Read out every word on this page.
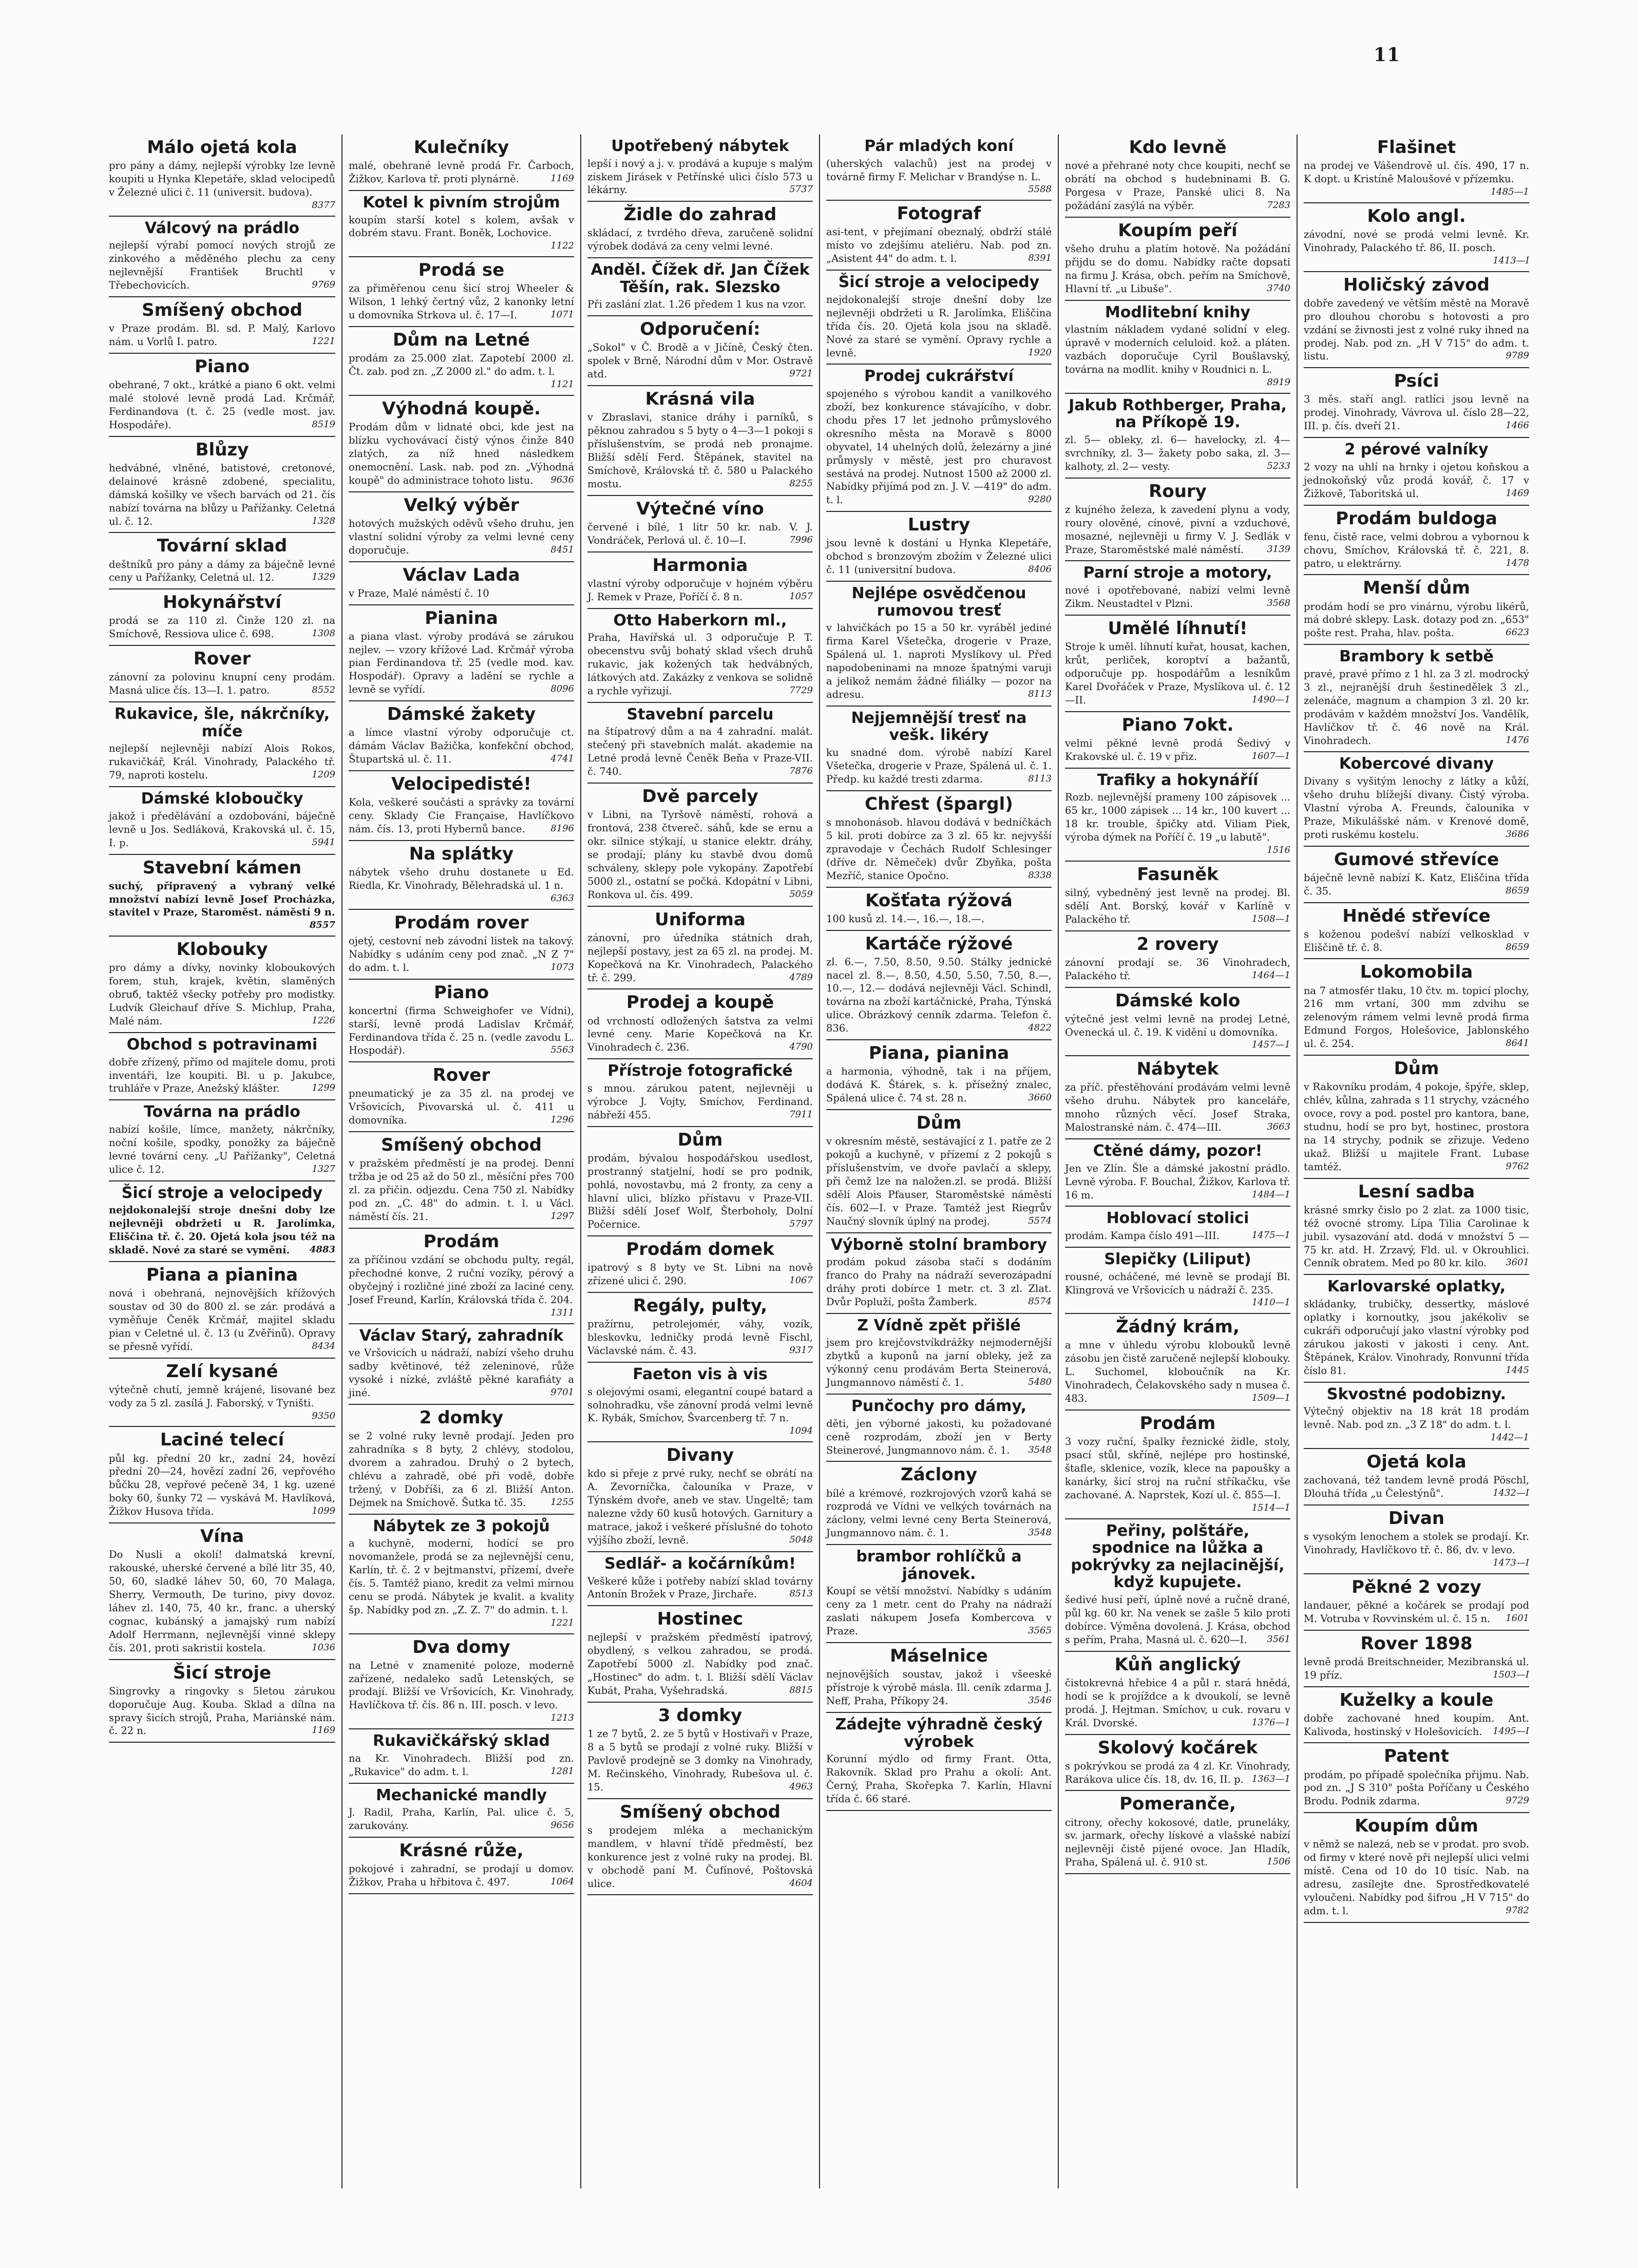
11
Málo ojetá kola
pro pány a dámy, nejlepší výrobky lze levně koupiti u Hynka Klepetáře, sklad velocipedů v Železné ulici č. 11 (universit. budova).
8377
Válcový na prádlo
nejlepší výrabí pomocí nových strojů ze zinkového a měděného plechu za ceny nejlevnější František Bruchtl v Třebechovicích.	9769
Smíšený obchod
v Praze prodám. Bl. sd. P. Malý, Karlovo nám. u Vorlů I. patro.	1221
Piano
obehrané, 7 okt., krátké a piano 6 okt. velmi malé stolové levně prodá Lad. Krčmář, Ferdinandova (t. č. 25 (vedle most. jav. Hospodáře).	8519
Blůzy
hedvábné, vlněné, batistové, cretonové, delainové krásně zdobené, specialitu, dámská košilky ve všech barvách od 21. čís nabízí továrna na blůzy u Pařížanky. Celetná ul. č. 12.	1328
Tovární sklad
deštníků pro pány a dámy za báječně levné ceny u Pařížanky, Celetná ul. 12.	1329
Hokynářství
prodá se za 110 zl. Činže 120 zl. na Smíchově, Ressiova ulice č. 698.	1308
Rover
zánovní za polovinu knupní ceny prodám. Masná ulice čís. 13—I. 1. patro.	8552
Rukavice, šle, nákrčníky, míče
nejlepší nejlevněji nabízí Alois Rokos, rukavičkář, Král. Vinohrady, Palackého tř. 79, naproti kostelu.	1209
Dámské kloboučky
jakož i předělávání a ozdobování, báječně levně u Jos. Sedláková, Krakovská ul. č. 15, I. p.	5941
Stavební kámen
suchý, připravený a vybraný velké množství nabízí levně Josef Procházka, stavitel v Praze, Staroměst. náměstí 9 n.
8557
Klobouky
pro dámy a dívky, novinky kloboukových forem, stuh, krajek, květin, slaměných obruб, taktéž všecky potřeby pro modistky. Ludvík Gleichauf dříve S. Michlup, Praha, Malé nám.	1226
Obchod s potravinami
dobře zřízený, přímo od majitele domu, proti inventáři, lze koupiti. Bl. u p. Jakubce, truhláře v Praze, Anežský klášter.	1299
Továrna na prádlo
nabízí košile, límce, manžety, nákrčníky, noční košile, spodky, ponožky za báječně levné tovární ceny. „U Pařížanky", Celetná ulice č. 12.	1327
Šicí stroje a velocipedy
nejdokonalejší stroje dnešní doby lze nejlevněji obdržeti u R. Jarolímka, Eliščina tř. č. 20. Ojetá kola jsou též na skladě. Nové za staré se vymění. 4883
Piana a pianina
nová i obehraná, nejnovějších křížových soustav od 30 do 800 zl. se zár. prodává a vyměňuje Čeněk Krčmář, majitel skladu pian v Celetné ul. č. 13 (u Zvěřinů). Opravy se přesně vyřídí.	8434
Zelí kysané
výtečně chutí, jemně krájené, lisované bez vody za 5 zl. zasílá J. Faborský, v Tyništi.
9350
Laciné telecí
půl kg. přední 20 kr., zadní 24, hovězí přední 20—24, hovězí zadní 26, vepřového bůčku 28, vepřové pečeně 34, 1 kg. uzené boky 60, šunky 72 — vyskává M. Havlíková, Žižkov Husova třída.	1099
Vína
Do Nusli a okolí! dalmatská krevní, rakouské, uherské červené a bílé litr 35, 40, 50, 60, sladké láhev 50, 60, 70 Malaga, Sherry, Vermouth, De turino, pivy dovoz. láhev zl. 140, 75, 40 kr., franc. a uherský cognac, kubánský a jamajský rum nabízí Adolf Herrmann, nejlevnější vinné sklepy čís. 201, proti sakristii kostela.	1036
Šicí stroje
Singrovky a ringovky s 5letou zárukou doporučuje Aug. Kouba. Sklad a dílna na spravy šicích strojů, Praha, Mariánské nám. č. 22 n.	1169
Kulečníky
malé, obehrané levně prodá Fr. Čarboch, Žižkov, Karlova tř. proti plynárně.	1169
Kotel k pivním strojům
koupím starší kotel s kolem, avšak v dobrém stavu. Frant. Boněk, Lochovice.
1122
Prodá se
za přiměřenou cenu šicí stroj Wheeler & Wilson, 1 lehký čertný vůz, 2 kanonky letní u domovníka Strkova ul. č. 17—I.	1071
Dům na Letné
prodám za 25.000 zlat. Zapotebí 2000 zl. Čt. zab. pod zn. „Z 2000 zl." do adm. t. l.
1121
Výhodná koupě.
Prodám dům v lidnaté obci, kde jest na blízku vychovávací čistý výnos činže 840 zlatých, za níž hned následkem onemocnění. Lask. nab. pod zn. „Výhodná koupě" do administrace tohoto listu. 9636
Velký výběr
hotových mužských oděvů všeho druhu, jen vlastní solidní výroby za velmi levné ceny doporučuje.	8451
Václav Lada
v Praze, Malé náměstí č. 10
Pianina
a piana vlast. výroby prodává se zárukou nejlev. — vzory křížové Lad. Krčmář výroba pian Ferdinandova tř. 25 (vedle mod. kav. Hospodář). Opravy a ladění se rychle a levně se vyřídí.	8096
Dámské žakety
a límce vlastní výroby odporučuje ct. dámám Václav Bažička, konfekční obchod, Štupartská ul. č. 11.	4741
Velocipedisté!
Kola, veškeré součásti a správky za tovární ceny. Sklady Cie Française, Havlíčkovo nám. čís. 13, proti Hybernů bance.	8196
Na splátky
nábytek všeho druhu dostanete u Ed. Riedla, Kr. Vinohrady, Bělehradská ul. 1 n.
6363
Prodám rover
ojetý, cestovní neb závodní listek na takový. Nabídky s udáním ceny pod znač. „N Z 7" do adm. t. l.	1073
Piano
koncertní (firma Schweighofer ve Vídni), starší, levně prodá Ladislav Krčmář, Ferdinandova třída č. 25 n. (vedle zavodu L. Hospodář).	5563
Rover
pneumatický je za 35 zl. na prodej ve Vršovicích, Pivovarská ul. č. 411 u domovníka.	1296
Smíšený obchod
v pražském předměstí je na prodej. Denní tržba je od 25 až do 50 zl., měsíční přes 700 zl. za přičin. odjezdu. Cena 750 zl. Nabídky pod zn. „C. 48" do admin. t. l. u Václ. náměstí čís. 21.	1297
Prodám
za příčinou vzdání se obchodu pulty, regál, přechodné konve, 2 ruční vozíky, pérový a obyčejný i rozličné jiné zboží za laciné ceny. Josef Freund, Karlín, Královská třída č. 204.
1311
Václav Starý, zahradník
ve Vršovicích u nádraží, nabízí všeho druhu sadby květinové, též zeleninové, růže vysoké i nízké, zvláště pěkné karafiáty a jiné.	9701
2 domky
se 2 volné ruky levně prodají. Jeden pro zahradníka s 8 byty, 2 chlévy, stodolou, dvorem a zahradou. Druhý o 2 bytech, chlévu a zahradě, obé při vodě, dobře tržený, v Dobříši, za 6 zl. Bližší Anton. Dejmek na Smíchově. Šutka tč. 35.	1255
Nábytek ze 3 pokojů
a kuchyně, moderní, hodící se pro novomanžele, prodá se za nejlevnější cenu, Karlín, tř. č. 2 v bejtmanství, přízemí, dveře čís. 5. Tamtéž piano, kredit za velmi mírnou cenu se prodá. Nábytek je kvalit. a kvality šp. Nabídky pod zn. „Z. Z. 7" do admin. t. l.
1221
Dva domy
na Letné v znamenité poloze, moderně zařízené, nedaleko sadů Letenských, se prodají. Bližší ve Vršovicích, Kr. Vinohrady, Havlíčkova tř. čís. 86 n. III. posch. v levo.
1213
Rukavičkářský sklad
na Kr. Vinohradech. Bližší pod zn. „Rukavice" do adm. t. l.	1281
Mechanické mandly
J. Radil, Praha, Karlín, Pal. ulice č. 5, zarukovány.	9656
Krásné růže,
pokojové i zahradní, se prodají u domov. Žižkov, Praha u hřbitova č. 497.	1064
Upotřebený nábytek
lepší i nový a j. v. prodává a kupuje s malým ziskem Jirásek v Petřínské ulici číslo 573 u lékárny.	5737
Židle do zahrad
skládací, z tvrdého dřeva, zaručeně solidní výrobek dodává za ceny velmi levné.
Anděl. Čížek dř. Jan Čížek Těšín, rak. Slezsko
Při zaslání zlat. 1.26 předem 1 kus na vzor.
Odporučení:
„Sokol" v Č. Brodě a v Jičíně, Český čten. spolek v Brně, Národní dům v Mor. Ostravě atd.	9721
Krásná vila
v Zbraslavi, stanice dráhy i parníků, s pěknou zahradou s 5 byty o 4—3—1 pokoji s příslušenstvím, se prodá neb pronajme. Bližší sdělí Ferd. Štěpánek, stavitel na Smíchově, Královská tř. č. 580 u Palackého mostu.	8255
Výtečné víno
červené i bílé, 1 litr 50 kr. nab. V. J. Vondráček, Perlová ul. č. 10—I.	7996
Harmonia
vlastní výroby odporučuje v hojném výběru J. Remek v Praze, Poříčí č. 8 n.	1057
Otto Haberkorn ml.,
Praha, Havířská ul. 3 odporučuje P. T. obecenstvu svůj bohatý sklad všech druhů rukavic, jak kožených tak hedvábných, látkových atd. Zakázky z venkova se solidně a rychle vyřizují.	7729
Stavební parcelu
na štípatrový dům a na 4 zahradní. malát. stečený při stavebních malát. akademie na Letné prodá levně Čeněk Beňa v Praze-VII. č. 740.	7876
Dvě parcely
v Libni, na Tyršově náměstí, rohová a frontová, 238 čtvereč. sáhů, kde se ernu a okr. silnice stýkají, u stanice elektr. dráhy, se prodají; plány ku stavbě dvou domů schváleny, sklepy pole vykopány. Zapotřebí 5000 zl., ostatní se počká. Kdopátní v Libni, Ronkova ul. čís. 499.	5059
Uniforma
zánovní, pro úředníka státních drah, nejlepší postavy, jest za 65 zl. na prodej. M. Kopečková na Kr. Vinohradech, Palackého tř. č. 299.	4789
Prodej a koupě
od vrchností odložených šatstva za velmi levné ceny. Marie Kopečková na Kr. Vinohradech č. 236.	4790
Přístroje fotografické
s mnou. zárukou patent, nejlevněji u výrobce J. Vojty, Smíchov, Ferdinand. nábřeží 455.	7911
Dům
prodám, bývalou hospodářskou usedlost, prostranný statjelní, hodí se pro podnik, pohlá, novostavbu, má 2 fronty, za ceny a hlavní ulici, blízko přístavu v Praze-VII. Bližší sdělí Josef Wolf, Šterboholy, Dolní Počernice.	5797
Prodám domek
ipatrový s 8 byty ve St. Libni na nově zřízené ulici č. 290.	1067
Regály, pulty,
pražírnu, petrolejomér, váhy, vozík, bleskovku, ledničky prodá levně Fischl, Václavské nám. č. 43.	9317
Faeton vis à vis
s olejovými osami, elegantní coupé batard a solnohradku, vše zánovní prodá velmi levně K. Rybák, Smíchov, Švarcenberg tř. 7 n.
1094
Divany
kdo si přeje z prvé ruky, nechť se obrátí na A. Zevorníčka, čalouníka v Praze, v Týnském dvoře, aneb ve stav. Ungeltě; tam nalezne vždy 60 kusů hotových. Garnitury a matrace, jakož i veškeré příslušné do tohoto výjšího zboží, levně.	5048
Sedlář- a kočárníkům!
Veškeré kůže i potřeby nabízí sklad továrny Antonín Brožek v Praze, Jirchaře.	8513
Hostinec
nejlepší v pražském předměstí ipatrový, obydlený, s velkou zahradou, se prodá. Zapotřebí 5000 zl. Nabídky pod znač. „Hostinec" do adm. t. l. Bližší sdělí Václav Kubát, Praha, Vyšehradská.	8815
3 domky
1 ze 7 bytů, 2. ze 5 bytů v Hostivaři v Praze, 8 a 5 bytů se prodají z volné ruky. Bližší v Pavlově prodejně se 3 domky na Vinohrady, M. Rečinského, Vinohrady, Rubešova ul. č. 15.	4963
Smíšený obchod
s prodejem mléka a mechanickým mandlem, v hlavní třídě předměstí, bez konkurence jest z volné ruky na prodej. Bl. v obchodě paní M. Čufínové, Poštovská ulice.	4604
Pár mladých koní
(uherských valachů) jest na prodej v továrně firmy F. Melichar v Brandýse n. L.
5588
Fotograf
asi-tent, v přejímaní obeznalý, obdrží stálé místo vo zdejšímu ateliéru. Nab. pod zn. „Asistent 44" do adm. t. l.	8391
Šicí stroje a velocipedy
nejdokonalejší stroje dnešní doby lze nejlevněji obdržeti u R. Jarolímka, Eliščina třída čís. 20. Ojetá kola jsou na skladě. Nové za staré se vymění. Opravy rychle a levně.	1920
Prodej cukrářství
spojeného s výrobou kandit a vanilkového zboží, bez konkurence stávajícího, v dobr. chodu přes 17 let jednoho průmyslového okresního města na Moravě s 8000 obyvatel, 14 uhelných dolů, železárny a jiné průmysly v městě, jest pro churavost sestává na prodej. Nutnost 1500 až 2000 zl. Nabídky přijímá pod zn. J. V. —419" do adm. t. l.	9280
Lustry
jsou levně k dostání u Hynka Klepetáře, obchod s bronzovým zbožím v Železné ulici č. 11 (universitní budova.	8406
Nejlépe osvědčenou rumovou tresť
v lahvičkách po 15 a 50 kr. vyráběl jediné firma Karel Všetečka, drogerie v Praze, Spálená ul. 1. naproti Myslíkovy ul. Před napodobeninami na mnoze špatnými varuji a jelikož nemám žádné filiálky — pozor na adresu.	8113
Nejjemnější tresť na vešk. likéry
ku snadné dom. výrobě nabízí Karel Všetečka, drogerie v Praze, Spálená ul. č. 1. Předp. ku každé tresti zdarma.	8113
Chřest (špargl)
s mnohonásob. hlavou dodává v bedníčkách 5 kil. proti dobírce za 3 zl. 65 kr. nejvyšší zpravodaje v Čechách Rudolf Schlesinger (dříve dr. Němeček) dvůr Zbyňka, pošta Mezříč, stanice Opočno.	8338
Košťata rýžová
100 kusů zl. 14.—, 16.—, 18.—.
Kartáče rýžové
zl. 6.—, 7.50, 8.50, 9.50. Stálky jednické nacel zl. 8.—, 8.50, 4.50, 5.50, 7.50, 8.—, 10.—, 12.— dodává nejlevněji Václ. Schindl, továrna na zboží kartáčnické, Praha, Týnská ulice. Obrázkový cenník zdarma. Telefon č. 836.	4822
Piana, pianina
a harmonia, výhodně, tak i na příjem, dodává K. Štárek, s. k. přísežný znalec, Spálená ulice č. 74 st. 28 n.	3660
Dům
v okresním městě, sestávající z 1. patře ze 2 pokojů a kuchyně, v přízemí z 2 pokojů s příslušenstvím, ve dvoře pavlačí a sklepy, při čemž lze na naložen.zl. se prodá. Bližší sdělí Alois Pfauser, Staroměstské náměstí čís. 602—I. v Praze. Tamtéž jest Riegrův Naučný slovník úplný na prodej.	5574
Výborně stolní brambory
prodám pokud zásoba stačí s dodáním franco do Prahy na nádraží severozápadní dráhy proti dobírce 1 metr. ct. 3 zl. Zlat. Dvůr Popluží, pošta Žamberk.	8574
Z Vídně zpět přišlé
jsem pro krejčovstvíkdrážky nejmodernější zbytků a kuponů na jarní obleky, jež za výkonný cenu prodávám Berta Steinerová, Jungmannovo náměstí č. 1.	5480
Punčochy pro dámy,
děti, jen výborné jakosti, ku požadované ceně rozprodám, zboží jen v Berty Steinerové, Jungmannovo nám. č. 1. 3548
Záclony
bílé a krémové, rozkrojových vzorů kahá se rozprodá ve Vídni ve velkých továrnách na záclony, velmi levné ceny Berta Steinerová, Jungmannovo nám. č. 1.	3548
brambor rohlíčků a jánovek.
Koupí se větší množství. Nabídky s udáním ceny za 1 metr. cent do Prahy na nádraží zaslati nákupem Josefa Kombercova v Praze.	3565
Máselnice
nejnovějších soustav, jakož i všeeské přístroje k výrobě másla. Ill. ceník zdarma J. Neff, Praha, Příkopy 24.	3546
Zádejte výhradně český výrobek
Korunní mýdlo od firmy Frant. Otta, Rakovník. Sklad pro Prahu a okolí: Ant. Černý, Praha, Skořepka 7. Karlín, Hlavní třída č. 66 staré.
Kdo levně
nové a přehrané noty chce koupiti, nechť se obrátí na obchod s hudebninami B. G. Porgesa v Praze, Panské ulici 8. Na požádání zasýlá na výběr.	7283
Koupím peří
všeho druhu a platím hotově. Na požádání přijdu se do domu. Nabídky račte dopsati na firmu J. Krása, obch. peřím na Smíchově, Hlavní tř. „u Libuše".	3740
Modlitební knihy
vlastním nákladem vydané solidní v eleg. úpravě v moderních celuloid. kož. a pláten. vazbách doporučuje Cyril Boušlavský, továrna na modlit. knihy v Roudnici n. L.
8919
Jakub Rothberger, Praha, na Příkopě 19.
zl. 5— obleky, zl. 6— havelocky, zl. 4— svrchníky, zl. 3— žakety pobo saka, zl. 3— kalhoty, zl. 2— vesty.	5233
Roury
z kujného železa, k zavedení plynu a vody, roury olověné, cínové, pivní a vzduchové, mosazné, nejlevněji u firmy V. J. Sedlák v Praze, Staroměstské malé náměstí.	3139
Parní stroje a motory,
nové i opotřebované, nabízí velmi levně Zikm. Neustadtel v Plzni.	3568
Umělé líhnutí!
Stroje k uměl. líhnutí kuřat, housat, kachen, krůt, perliček, koroptví a bažantů, odporučuje pp. hospodářům a lesníkům Karel Dvořáček v Praze, Myslíkova ul. č. 12—II.	1490—1
Piano 7okt.
velmi pěkné levně prodá Šedivý v Krakovské ul. č. 19 v přiz.	1607—1
Trafiky a hokynáříí
Rozb. nejlevnější prameny 100 zápisovek ... 65 kr., 1000 zápisek ... 14 kr., 100 kuvert ... 18 kr. trouble, špičky atd. Viliam Piek, výroba dýmek na Poříčí č. 19 „u labutě".
1516
Fasuněk
silný, vybedněný jest levně na prodej. Bl. sdělí Ant. Borský, kovář v Karlíně v Palackého tř.	1508—1
2 rovery
zánovní prodají se. 36 Vinohradech, Palackého tř.	1464—1
Dámské kolo
výtečné jest velmi levně na prodej Letné, Ovenecká ul. č. 19. K vidění u domovníka.
1457—1
Nábytek
za příč. přestěhování prodávám velmi levně všeho druhu. Nábytek pro kanceláře, mnoho různých věcí. Josef Straka, Malostranské nám. č. 474—III.	3663
Ctěné dámy, pozor!
Jen ve Zlín. Šle a dámské jakostní prádlo. Levně výroba. F. Bouchal, Žižkov, Karlova tř. 16 m.	1484—1
Hoblovací stolici
prodám. Kampa číslo 491—III.	1475—1
Slepičky (Liliput)
rousné, ocháčené, mé levně se prodají Bl. Klingrová ve Vršovicích u nádraží č. 235.
1410—1
Žádný krám,
a mne v úhledu výrobu klobouků levně zásobu jen čistě zaručeně nejlepší klobouky. L. Suchomel, kloboučník na Kr. Vinohradech, Čelakovského sady n musea č. 483.	1509—1
Prodám
3 vozy ruční, špalky řeznické židle, stoly, psací stůl, skříně, nejlépe pro hostinské, štafle, sklenice, vozík, klece na papoušky a kanárky, šicí stroj na ruční stříkačku, vše zachované. A. Naprstek, Kozí ul. č. 855—I.
1514—1
Peřiny, polštáře, spodnice na lůžka a pokrývky za nejlacinější, když kupujete.
šedivé husí peří, úplně nové a ručně drané, půl kg. 60 kr. Na venek se zašle 5 kilo proti dobírce. Výměna dovolená. J. Krása, obchod s peřím, Praha, Masná ul. č. 620—I. 3561
Kůň anglický
čistokrevná hřebice 4 a půl r. stará hnědá, hodí se k projíždce a k dvoukolí, se levně prodá. J. Hejtman. Smíchov, u cuk. rovaru v Král. Dvorské.	1376—1
Skolový kočárek
s pokrývkou se prodá za 4 zl. Kr. Vinohrady, Rarákova ulice čís. 18, dv. 16, II. p. 1363—1
Pomeranče,
citrony, ořechy kokosové, datle, pruneláky, sv. jarmark, ořechy lískové a vlašské nabízí nejlevněji čistě pijené ovoce. Jan Hladík, Praha, Spálená ul. č. 910 st.	1506
Flašinet
na prodej ve Vášendrově ul. čís. 490, 17 n. K dopt. u Kristíně Maloušové v přízemku.
1485—1
Kolo angl.
závodní, nové se prodá velmi levně. Kr. Vinohrady, Palackého tř. 86, II. posch.
1413—I
Holičský závod
dobře zavedený ve větším městě na Moravě pro dlouhou chorobu s hotovosti a pro vzdání se živnosti jest z volné ruky ihned na prodej. Nab. pod zn. „H V 715" do adm. t. listu.	9789
Psíci
3 měs. staří angl. ratlíci jsou levně na prodej. Vinohrady, Vávrova ul. číslo 28—22, III. p. čís. dveří 21.	1466
2 pérové valníky
2 vozy na uhlí na hrnky i ojetou koňskou a jednokoňský vůz prodá kovář, č. 17 v Žižkově, Taboritská ul.	1469
Prodám buldoga
fenu, čistě race, velmi dobrou a vybornou k chovu, Smíchov, Královská tř. č. 221, 8. patro, u elektrárny.	1478
Menší dům
prodám hodí se pro vinárnu, výrobu likérů, má dobré sklepy. Lask. dotazy pod zn. „653" pošte rest. Praha, hlav. pošta.	6623
Brambory k setbě
pravé, pravé přímo z 1 hl. za 3 zl. modrocký 3 zl., nejranější druh šestinedělek 3 zl., zelenáče, magnum a champion 3 zl. 20 kr. prodávám v každém množství Jos. Vandělík, Havlíčkov tř. č. 46 nově na Král. Vinohradech.	1476
Kobercové divany
Divany s vyšitým lenochy z látky a kůží, všeho druhu blížejší divany. Čistý výroba. Vlastní výroba A. Freunds, čalounika v Praze, Mikulášské nám. v Krenové domě, proti ruskému kostelu.	3686
Gumové střevíce
báječně levně nabízí K. Katz, Eliščina třída č. 35.	8659
Hnědé střevíce
s koženou podešví nabízí velkosklad v Eliščině tř. č. 8.	8659
Lokomobila
na 7 atmosfér tlaku, 10 čtv. m. topicí plochy, 216 mm vrtaní, 300 mm zdvihu se zelenovým rámem velmi levně prodá firma Edmund Forgos, Holešovice, Jablonského ul. č. 254.	8641
Dům
v Rakovníku prodám, 4 pokoje, špýře, sklep, chlév, kůlna, zahrada s 11 strychy, vzácného ovoce, rovy a pod. postel pro kantora, bane, studnu, hodí se pro byt, hostinec, prostora na 14 strychy, podnik se zřizuje. Vedeno ukaž. Bližší u majitele Frant. Lubase tamtéž.	9762
Lesní sadba
krásné smrky čislo po 2 zlat. za 1000 tisic, též ovocné stromy. Lípa Tilia Carolinae k jubil. vysazování atd. dodá v množství 5 — 75 kr. atd. H. Zrzavý, Fld. ul. v Okrouhlici. Cenník obratem. Med po 80 kr. kilo. 3601
Karlovarské oplatky,
skládanky, trubičky, dessertky, máslové oplatky i kornoutky, jsou jakékoliv se cukráři odporučují jako vlastní výrobky pod zárukou jakosti v jakosti i ceny. Ant. Štěpánek, Králov. Vinohrady, Ronvunní třída číslo 81.	1445
Skvostné podobizny.
Výtečný objektiv na 18 krát 18 prodám levně. Nab. pod zn. „3 Z 18" do adm. t. l.
1442—1
Ojetá kola
zachovaná, též tandem levně prodá Pöschl, Dlouhá třída „u Čelestýnů".	1432—I
Divan
s vysokým lenochem a stolek se prodají. Kr. Vinohrady, Havlíčkovo tř. č. 86, dv. v levo.
1473—I
Pěkné 2 vozy
landauer, pěkné a kočárek se prodají pod M. Votruba v Rovvinském ul. č. 15 n. 1601
Rover 1898
levně prodá Breitschneider, Mezibranská ul. 19 příz.	1503—I
Kuželky a koule
dobře zachované hned koupím. Ant. Kalivoda, hostinský v Holešovicích. 1495—I
Patent
prodám, po případě společníka přijmu. Nab. pod zn. „J S 310" pošta Poříčany u Českého Brodu. Podnik zdarma.	9729
Koupím dům
v němž se nalezá, neb se v prodat. pro svob. od firmy v které nově při nejlepší ulici velmi místě. Cena od 10 do 10 tisíc. Nab. na adresu, zasílejte dne. Sprostředkovatelé vyloučeni. Nabídky pod šifrou „H V 715" do adm. t. l.	9782
